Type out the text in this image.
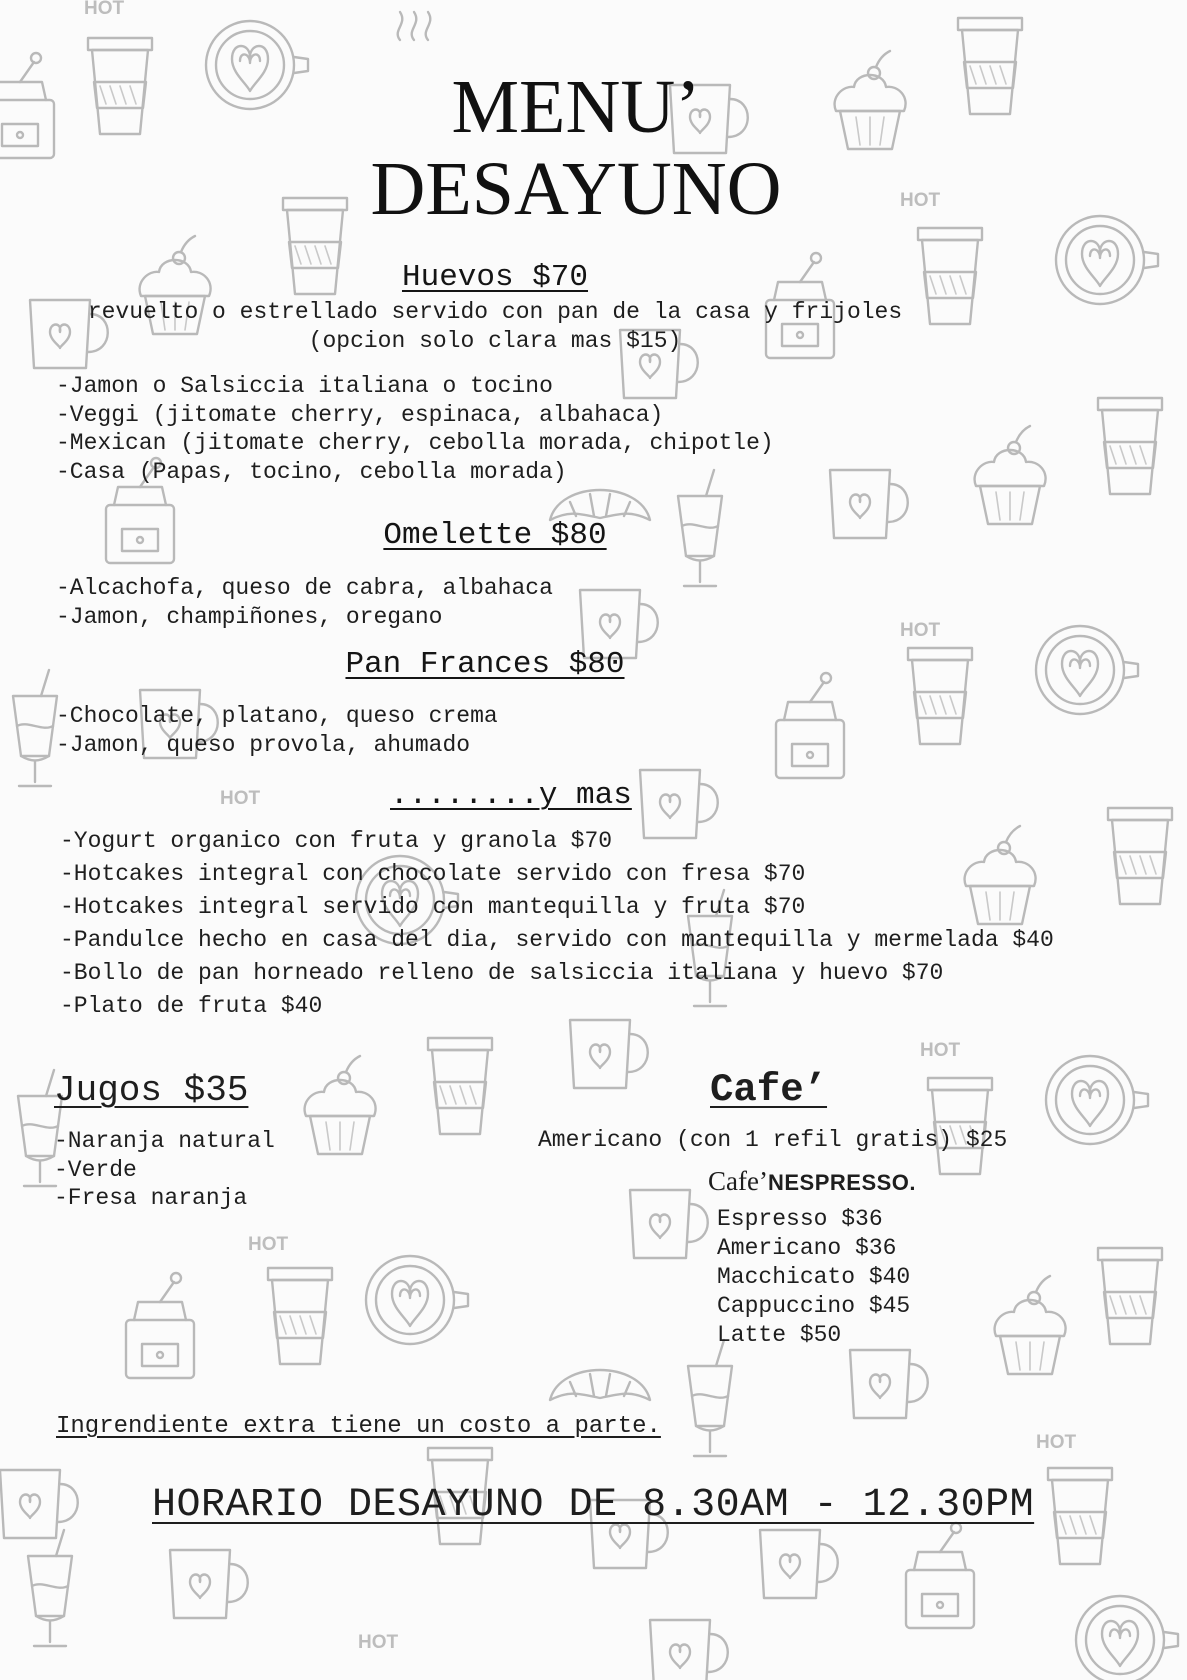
HOT
HOT
HOT
HOT
HOT
HOT
HOT
HOT
MENU’
DESAYUNO
Huevos $70
revuelto o estrellado servido con pan de la casa y frijoles
(opcion solo clara mas $15)
-Jamon o Salsiccia italiana o tocino
-Veggi (jitomate cherry, espinaca, albahaca)
-Mexican (jitomate cherry, cebolla morada, chipotle)
-Casa (Papas, tocino, cebolla morada)
Omelette $80
-Alcachofa, queso de cabra, albahaca
-Jamon, champiñones, oregano
Pan Frances $80
-Chocolate, platano, queso crema
-Jamon, queso provola, ahumado
........y mas
-Yogurt organico con fruta y granola $70
-Hotcakes integral con chocolate servido con fresa $70
-Hotcakes integral servido con mantequilla y fruta $70
-Pandulce hecho en casa del dia, servido con mantequilla y mermelada $40
-Bollo de pan horneado relleno de salsiccia italiana y huevo $70
-Plato de fruta $40
Jugos $35
-Naranja natural
-Verde
-Fresa naranja
Cafe’
Americano (con 1 refil gratis) $25
Cafe’NESPRESSO.
Espresso $36
Americano $36
Macchicato $40
Cappuccino $45
Latte $50
Ingrendiente extra tiene un costo a parte.
HORARIO DESAYUNO DE 8.30AM - 12.30PM
